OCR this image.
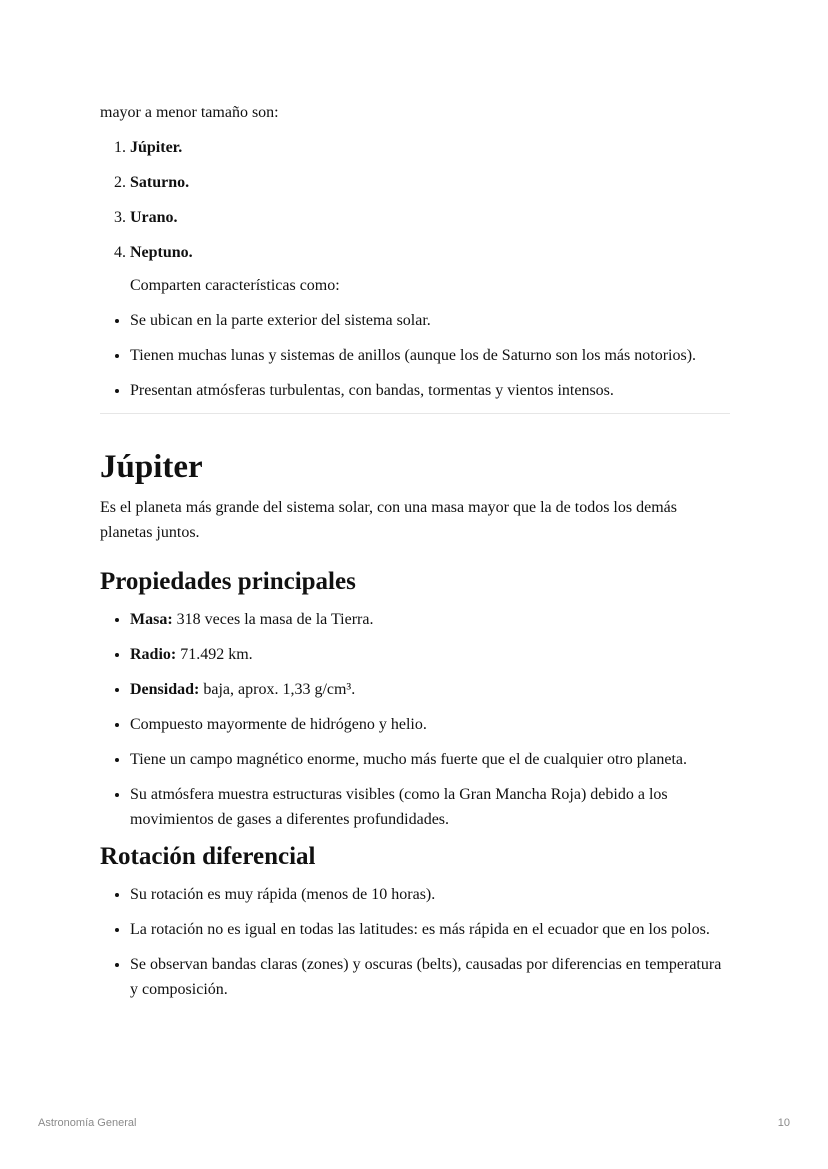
mayor a menor tamaño son:

1. Júpiter.
2. Saturno.
3. Urano.
4. Neptuno.

Comparten características como:

• Se ubican en la parte exterior del sistema solar.
• Tienen muchas lunas y sistemas de anillos (aunque los de Saturno son los más notorios).
• Presentan atmósferas turbulentas, con bandas, tormentas y vientos intensos.
Júpiter

Es el planeta más grande del sistema solar, con una masa mayor que la de todos los demás planetas juntos.

Propiedades principales
• Masa: 318 veces la masa de la Tierra.
• Radio: 71.492 km.
• Densidad: baja, aprox. 1,33 g/cm³.
• Compuesto mayormente de hidrógeno y helio.
• Tiene un campo magnético enorme, mucho más fuerte que el de cualquier otro planeta.
• Su atmósfera muestra estructuras visibles (como la Gran Mancha Roja) debido a los movimientos de gases a diferentes profundidades.
Rotación diferencial
• Su rotación es muy rápida (menos de 10 horas).
• La rotación no es igual en todas las latitudes: es más rápida en el ecuador que en los polos.
• Se observan bandas claras (zones) y oscuras (belts), causadas por diferencias en temperatura y composición.
Astronomía General	10
